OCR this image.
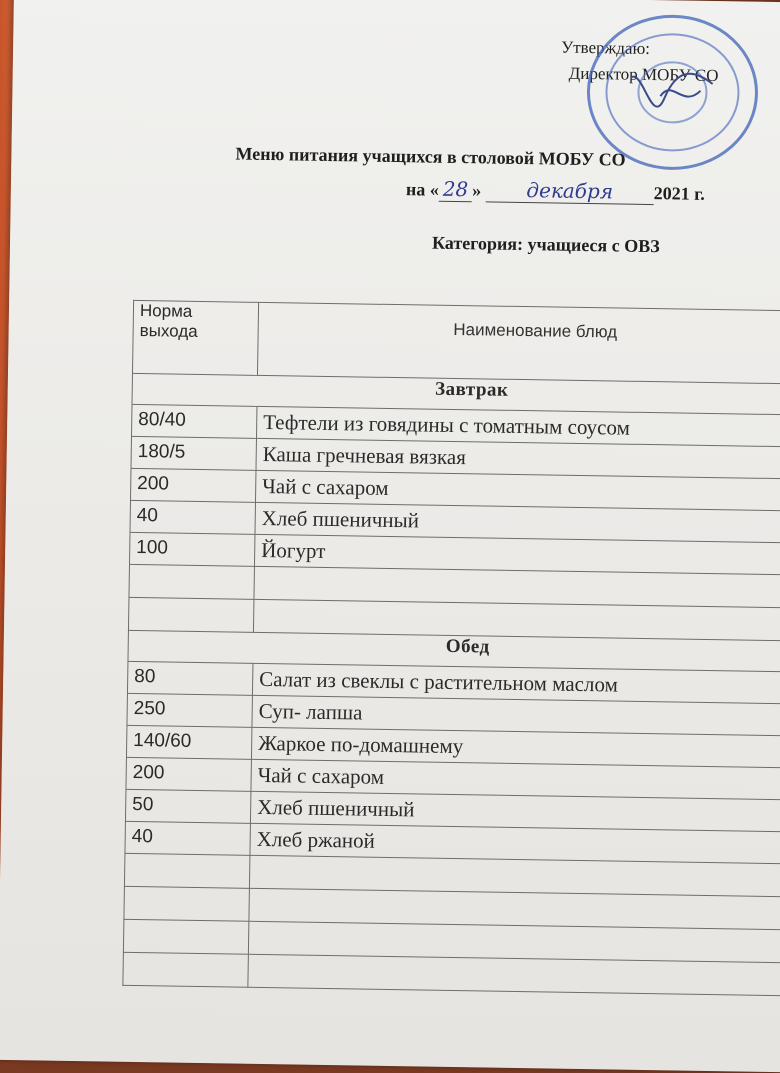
Утверждаю:
Директор МОБУ СО
Меню питания учащихся в столовой МОБУ СО
на « 28 » декабря 2021 г.
Категория: учащиеся с ОВЗ
Норма выхода	Наименование блюд
Завтрак	
80/40	Тефтели из говядины с томатным соусом
180/5	Каша гречневая вязкая
200	Чай с сахаром
40	Хлеб пшеничный
100	Йогурт

Обед	
80	Салат из свеклы с растительном маслом
250	Суп- лапша
140/60	Жаркое по-домашнему
200	Чай с сахаром
50	Хлеб пшеничный
40	Хлеб ржаной
